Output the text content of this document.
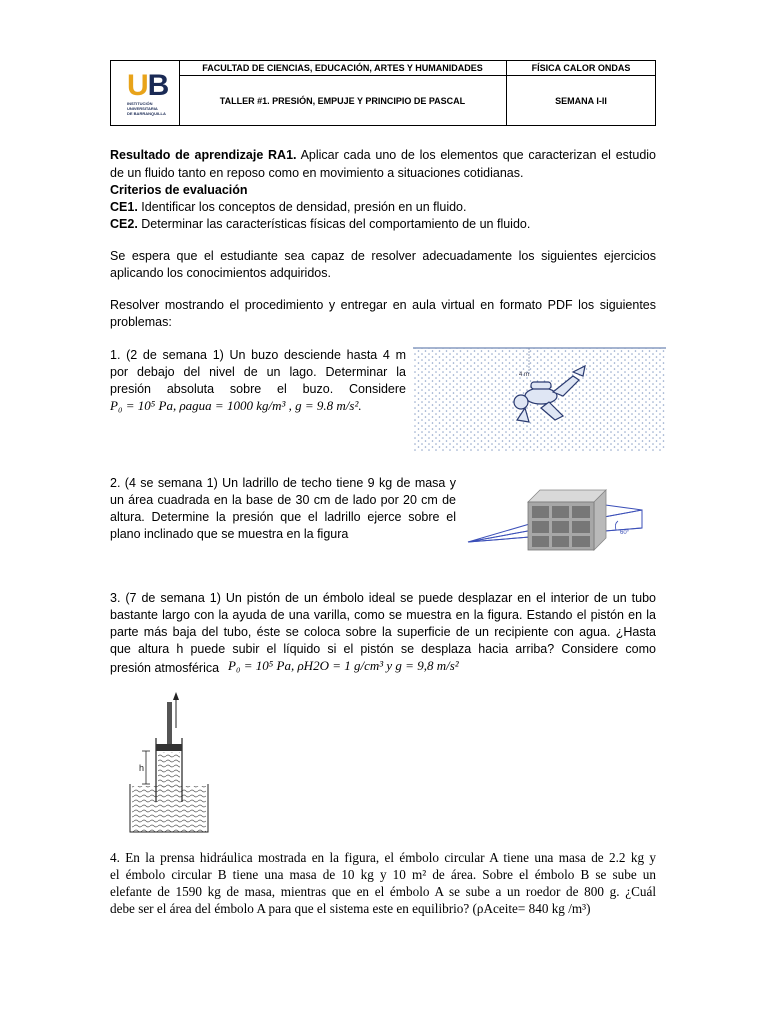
UB
INSTITUCIÓN
UNIVERSITARIA
DE BARRANQUILLA
FACULTAD DE CIENCIAS, EDUCACIÓN, ARTES Y HUMANIDADES	FÍSICA CALOR ONDAS
TALLER #1. PRESIÓN, EMPUJE Y PRINCIPIO DE PASCAL	SEMANA I-II
Resultado de aprendizaje RA1. Aplicar cada uno de los elementos que caracterizan el estudio
de un fluido tanto en reposo como en movimiento a situaciones cotidianas.
Criterios de evaluación
CE1. Identificar los conceptos de densidad, presión en un fluido.
CE2. Determinar las características físicas del comportamiento de un fluido.
Se espera que el estudiante sea capaz de resolver adecuadamente los siguientes ejercicios
aplicando los conocimientos adquiridos.
Resolver mostrando el procedimiento y entregar en aula virtual en formato PDF los siguientes
problemas:
1. (2 de semana 1) Un buzo desciende hasta 4 m
por debajo del nivel de un lago. Determinar la
presión absoluta sobre el buzo. Considere
P₀ = 10⁵ Pa, ρagua = 1000 kg/m³ , g = 9.8 m/s².
4 m
2. (4 se semana 1) Un ladrillo de techo tiene 9 kg de masa y
un área cuadrada en la base de 30 cm de lado por 20 cm de
altura. Determine la presión que el ladrillo ejerce sobre el
plano inclinado que se muestra en la figura	60°
3. (7 de semana 1) Un pistón de un émbolo ideal se puede desplazar en el interior de un tubo
bastante largo con la ayuda de una varilla, como se muestra en la figura. Estando el pistón en la
parte más baja del tubo, éste se coloca sobre la superficie de un recipiente con agua. ¿Hasta
que altura h puede subir el líquido si el pistón se desplaza hacia arriba? Considere como
presión atmosférica P₀ = 10⁵ Pa, ρH2O = 1 g/cm³ y g = 9,8 m/s²
h
4. En la prensa hidráulica mostrada en la figura, el émbolo circular A tiene una masa de 2.2 kg y
el émbolo circular B tiene una masa de 10 kg y 10 m² de área. Sobre el émbolo B se sube un
elefante de 1590 kg de masa, mientras que en el émbolo A se sube a un roedor de 800 g. ¿Cuál
debe ser el área del émbolo A para que el sistema este en equilibrio? (ρAceite= 840 kg /m³)
